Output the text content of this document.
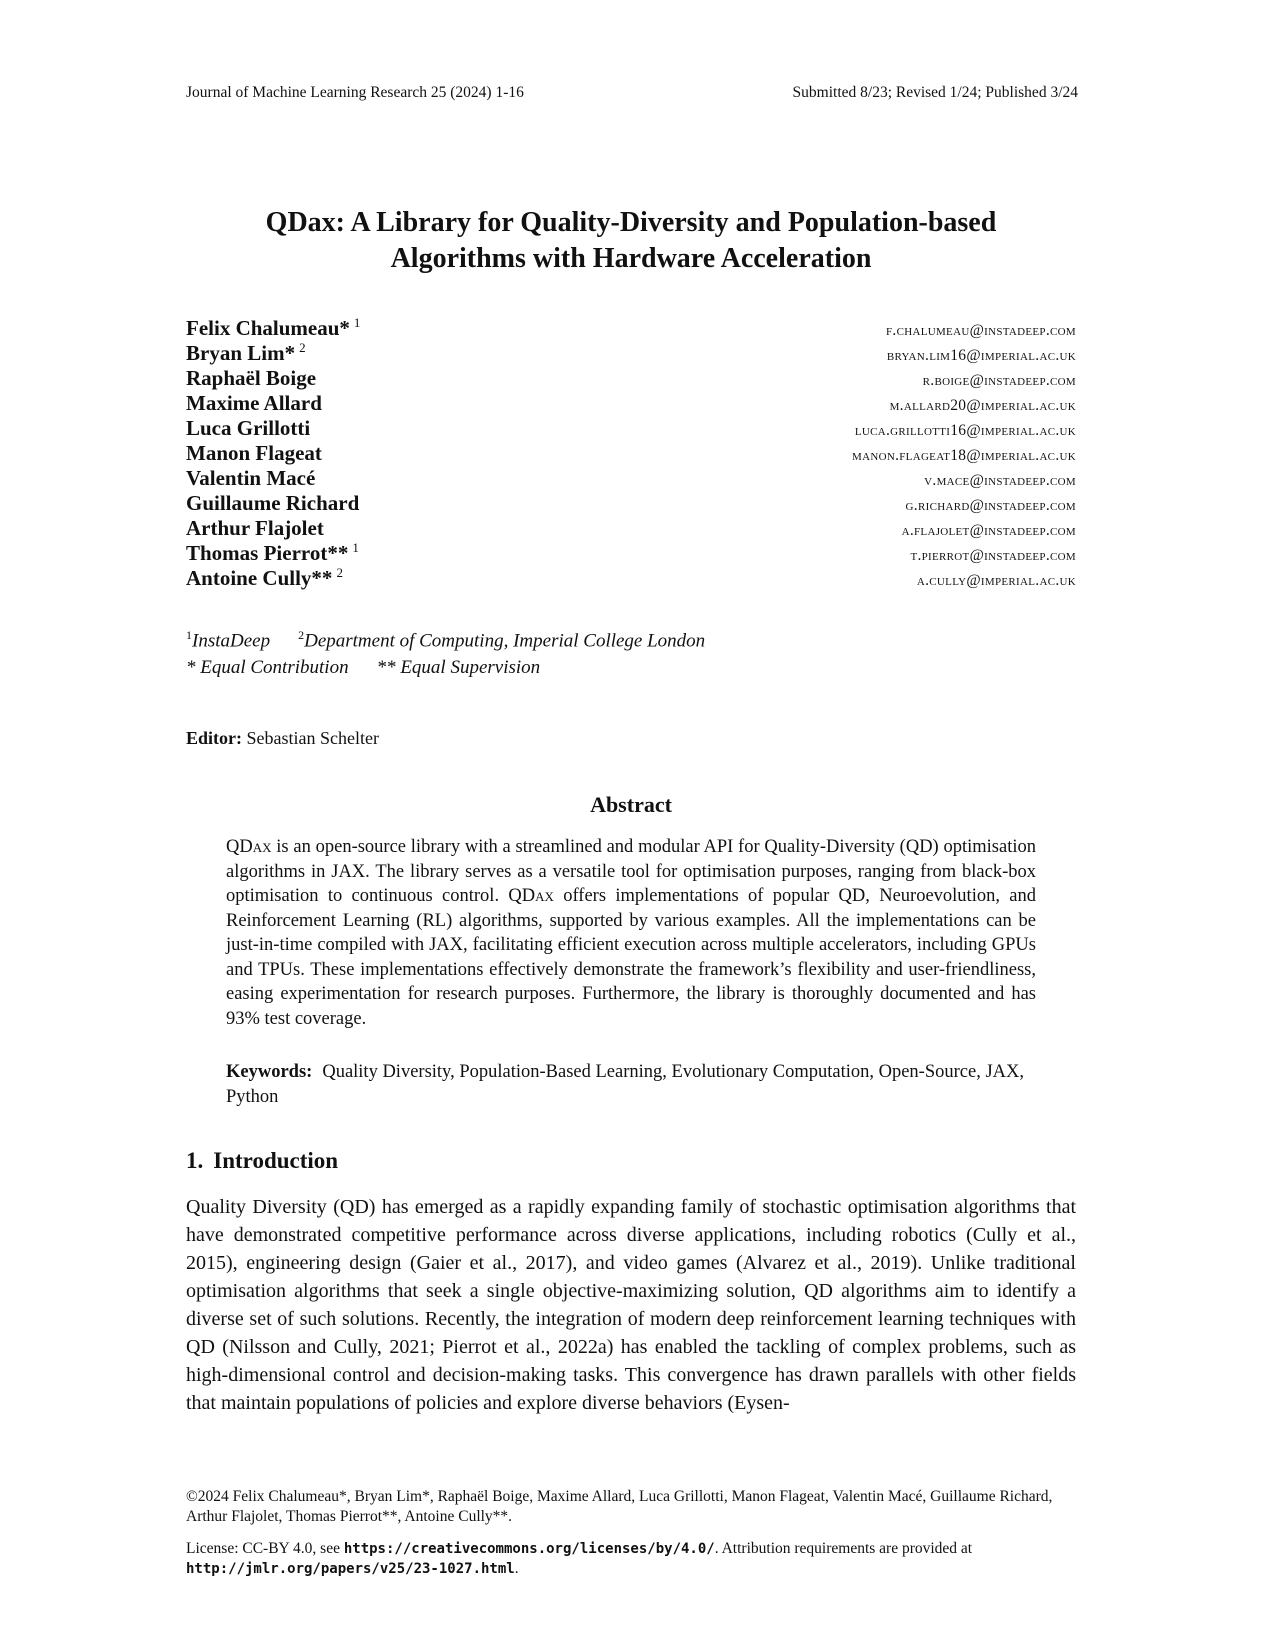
Journal of Machine Learning Research 25 (2024) 1-16	Submitted 8/23; Revised 1/24; Published 3/24
QDax: A Library for Quality-Diversity and Population-based
Algorithms with Hardware Acceleration
Felix Chalumeau* $^1$	f.chalumeau@instadeep.com
Bryan Lim* $^2$	bryan.lim16@imperial.ac.uk
Raphaël Boige	r.boige@instadeep.com
Maxime Allard	m.allard20@imperial.ac.uk
Luca Grillotti	luca.grillotti16@imperial.ac.uk
Manon Flageat	manon.flageat18@imperial.ac.uk
Valentin Macé	v.mace@instadeep.com
Guillaume Richard	g.richard@instadeep.com
Arthur Flajolet	a.flajolet@instadeep.com
Thomas Pierrot** $^1$	t.pierrot@instadeep.com
Antoine Cully** $^2$	a.cully@imperial.ac.uk
$^1$InstaDeep $^2$Department of Computing, Imperial College London
* Equal Contribution ** Equal Supervision
Editor: Sebastian Schelter
Abstract
QDax is an open-source library with a streamlined and modular API for Quality-Diversity (QD) optimisation algorithms in JAX. The library serves as a versatile tool for optimisation purposes, ranging from black-box optimisation to continuous control. QDax offers implementations of popular QD, Neuroevolution, and Reinforcement Learning (RL) algorithms, supported by various examples. All the implementations can be just-in-time compiled with JAX, facilitating efficient execution across multiple accelerators, including GPUs and TPUs. These implementations effectively demonstrate the framework’s flexibility and user-friendliness, easing experimentation for research purposes. Furthermore, the library is thoroughly documented and has 93% test coverage.
Keywords: Quality Diversity, Population-Based Learning, Evolutionary Computation, Open-Source, JAX, Python
1. Introduction
Quality Diversity (QD) has emerged as a rapidly expanding family of stochastic optimisation algorithms that have demonstrated competitive performance across diverse applications, including robotics (Cully et al., 2015), engineering design (Gaier et al., 2017), and video games (Alvarez et al., 2019). Unlike traditional optimisation algorithms that seek a single objective-maximizing solution, QD algorithms aim to identify a diverse set of such solutions. Recently, the integration of modern deep reinforcement learning techniques with QD (Nilsson and Cully, 2021; Pierrot et al., 2022a) has enabled the tackling of complex problems, such as high-dimensional control and decision-making tasks. This convergence has drawn parallels with other fields that maintain populations of policies and explore diverse behaviors (Eysen-

©2024 Felix Chalumeau*, Bryan Lim*, Raphaël Boige, Maxime Allard, Luca Grillotti, Manon Flageat, Valentin Macé, Guillaume Richard, Arthur Flajolet, Thomas Pierrot**, Antoine Cully**.

License: CC-BY 4.0, see https://creativecommons.org/licenses/by/4.0/. Attribution requirements are provided at http://jmlr.org/papers/v25/23-1027.html.
